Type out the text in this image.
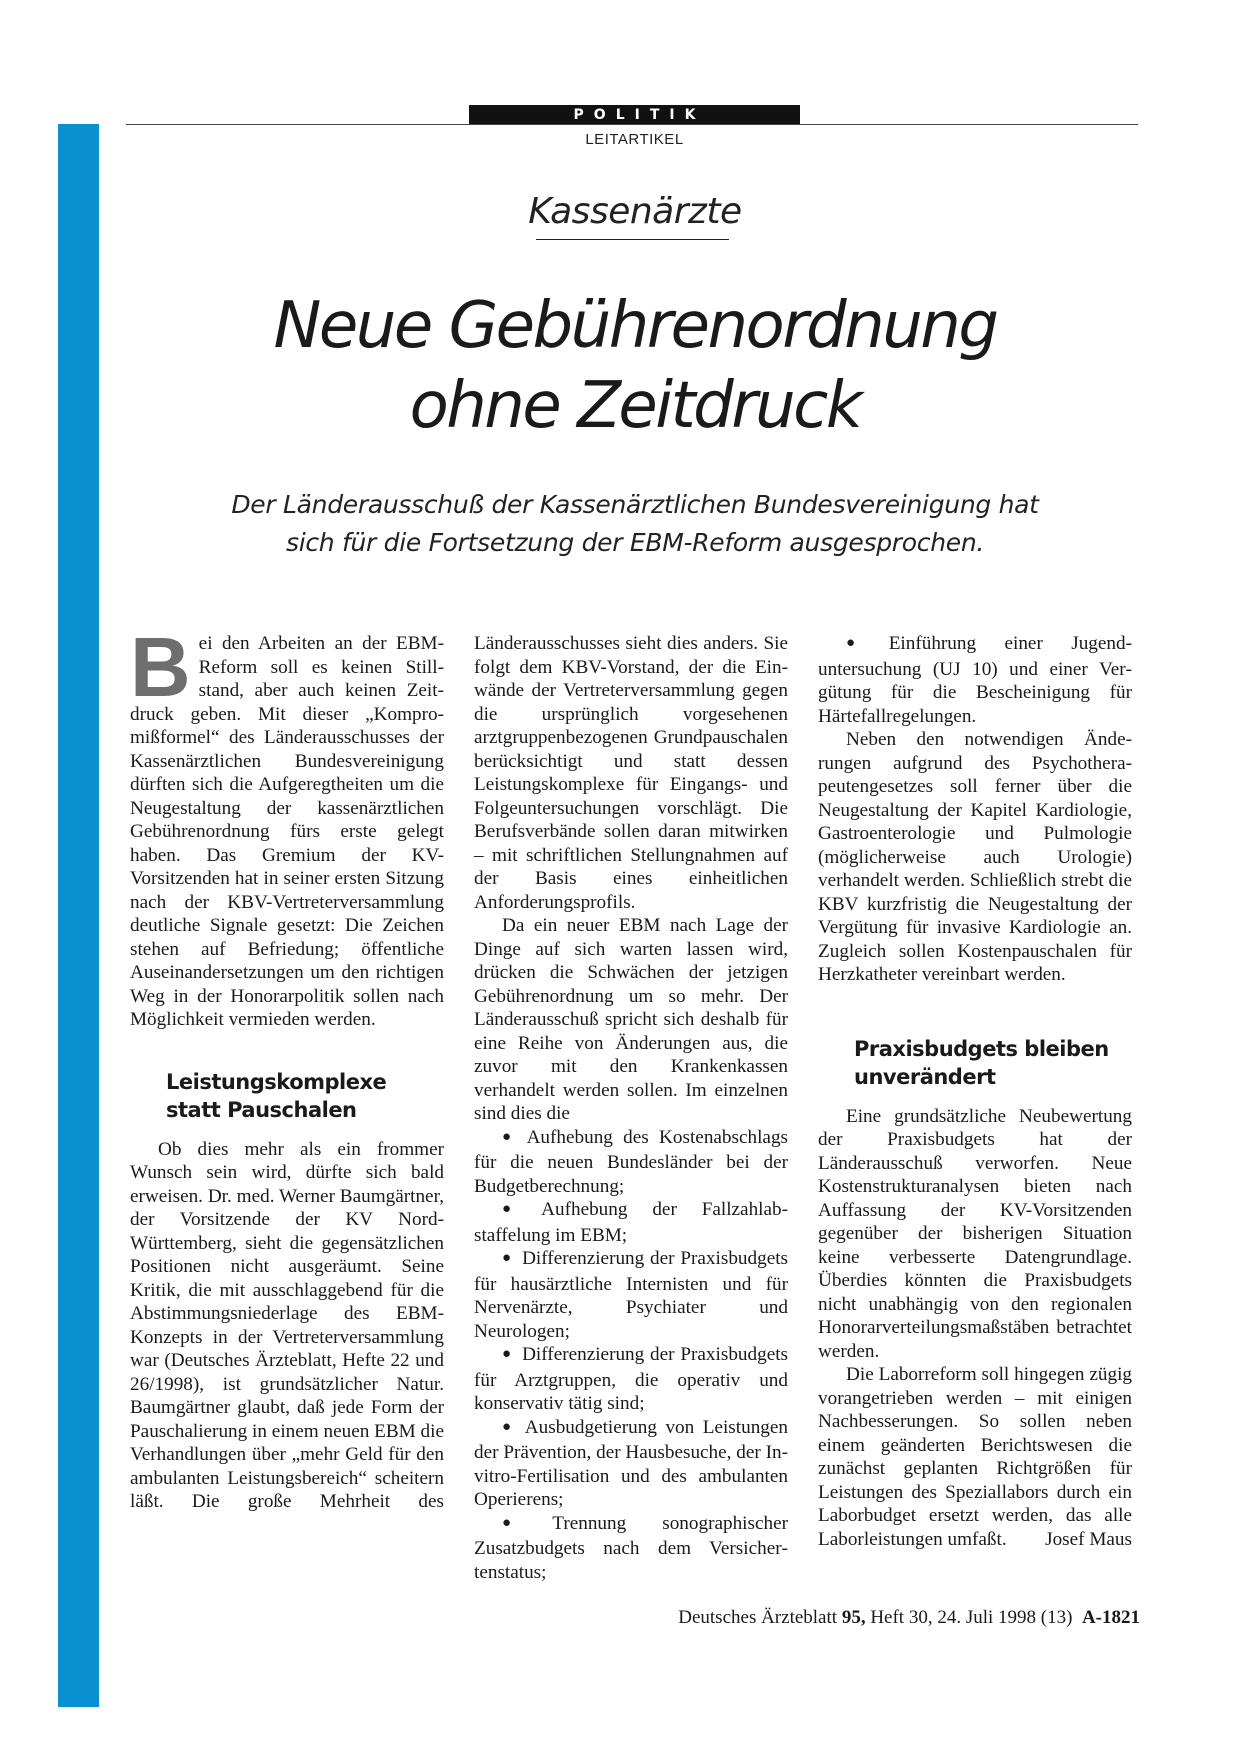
POLITIK
LEITARTIKEL
Kassenärzte
Neue Gebührenordnung
ohne Zeitdruck
Der Länderausschuß der Kassenärztlichen Bundesvereinigung hat
sich für die Fortsetzung der EBM-Reform ausgesprochen.

Bei den Arbeiten an der EBM-Reform soll es keinen Stillstand, aber auch keinen Zeitdruck geben. Mit dieser „Kompromißformel“ des Länderausschusses der Kassenärztlichen Bundesvereinigung dürften sich die Aufgeregtheiten um die Neugestaltung der kassenärztlichen Gebührenordnung fürs erste gelegt haben. Das Gremium der KV-Vorsitzenden hat in seiner ersten Sitzung nach der KBV-Vertreterversammlung deutliche Signale gesetzt: Die Zeichen stehen auf Befriedung; öffentliche Auseinandersetzungen um den richtigen Weg in der Honorarpolitik sollen nach Möglichkeit vermieden werden.

Leistungskomplexe statt Pauschalen

Ob dies mehr als ein frommer Wunsch sein wird, dürfte sich bald erweisen. Dr. med. Werner Baumgärtner, der Vorsitzende der KV Nord-Württemberg, sieht die gegensätzlichen Positionen nicht ausgeräumt. Seine Kritik, die mit ausschlaggebend für die Abstimmungsniederlage des EBM-Konzepts in der Vertreterversammlung war (Deutsches Ärzteblatt, Hefte 22 und 26/1998), ist grundsätzlicher Natur. Baumgärtner glaubt, daß jede Form der Pauschalierung in einem neuen EBM die Verhandlungen über „mehr Geld für den ambulanten Leistungsbereich“ scheitern läßt. Die große Mehrheit des

Länderausschusses sieht dies anders. Sie folgt dem KBV-Vorstand, der die Einwände der Vertreterversammlung gegen die ursprünglich vorgesehenen arztgruppenbezogenen Grundpauschalen berücksichtigt und statt dessen Leistungskomplexe für Eingangs- und Folgeuntersuchungen vorschlägt. Die Berufsverbände sollen daran mitwirken – mit schriftlichen Stellungnahmen auf der Basis eines einheitlichen Anforderungsprofils.

Da ein neuer EBM nach Lage der Dinge auf sich warten lassen wird, drücken die Schwächen der jetzigen Gebührenordnung um so mehr. Der Länderausschuß spricht sich deshalb für eine Reihe von Änderungen aus, die zuvor mit den Krankenkassen verhandelt werden sollen. Im einzelnen sind dies die

● Aufhebung des Kostenabschlags für die neuen Bundesländer bei der Budgetberechnung;

● Aufhebung der Fallzahlabstaffelung im EBM;

● Differenzierung der Praxisbudgets für hausärztliche Internisten und für Nervenärzte, Psychiater und Neurologen;

● Differenzierung der Praxisbudgets für Arztgruppen, die operativ und konservativ tätig sind;

● Ausbudgetierung von Leistungen der Prävention, der Hausbesuche, der In-vitro-Fertilisation und des ambulanten Operierens;

● Trennung sonographischer Zusatzbudgets nach dem Versichertenstatus;

● Einführung einer Jugenduntersuchung (UJ 10) und einer Vergütung für die Bescheinigung für Härtefallregelungen.

Neben den notwendigen Änderungen aufgrund des Psychotherapeutengesetzes soll ferner über die Neugestaltung der Kapitel Kardiologie, Gastroenterologie und Pulmologie (möglicherweise auch Urologie) verhandelt werden. Schließlich strebt die KBV kurzfristig die Neugestaltung der Vergütung für invasive Kardiologie an. Zugleich sollen Kostenpauschalen für Herzkatheter vereinbart werden.

Praxisbudgets bleiben unverändert

Eine grundsätzliche Neubewertung der Praxisbudgets hat der Länderausschuß verworfen. Neue Kostenstrukturanalysen bieten nach Auffassung der KV-Vorsitzenden gegenüber der bisherigen Situation keine verbesserte Datengrundlage. Überdies könnten die Praxisbudgets nicht unabhängig von den regionalen Honorarverteilungsmaßstäben betrachtet werden.

Die Laborreform soll hingegen zügig vorangetrieben werden – mit einigen Nachbesserungen. So sollen neben einem geänderten Berichtswesen die zunächst geplanten Richtgrößen für Leistungen des Speziallabors durch ein Laborbudget ersetzt werden, das alle Laborleistungen umfaßt.	Josef Maus

Deutsches Ärzteblatt 95, Heft 30, 24. Juli 1998 (13) A-1821
